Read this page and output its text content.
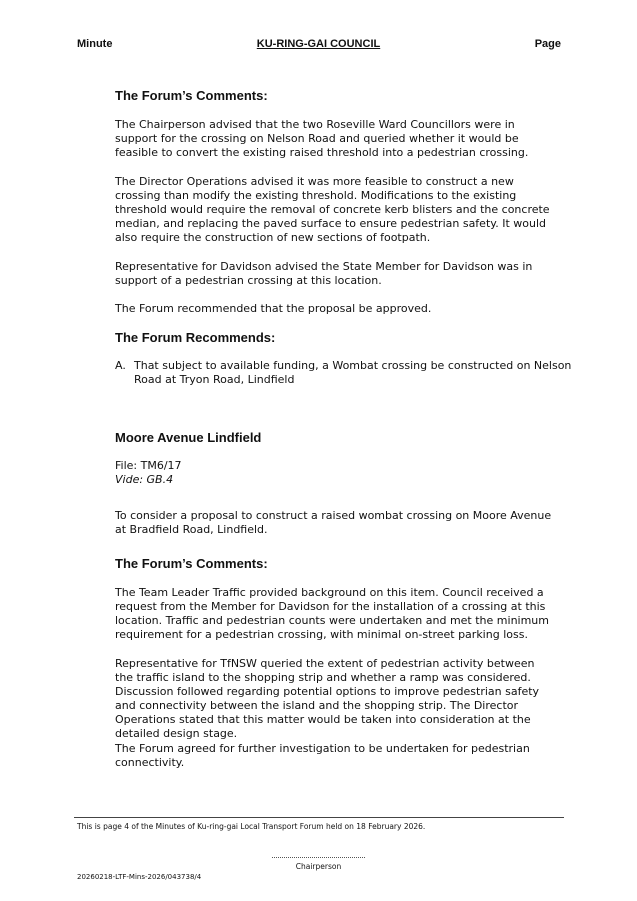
Minute	KU-RING-GAI COUNCIL	Page
The Forum’s Comments:

The Chairperson advised that the two Roseville Ward Councillors were in support for the crossing on Nelson Road and queried whether it would be feasible to convert the existing raised threshold into a pedestrian crossing.

The Director Operations advised it was more feasible to construct a new crossing than modify the existing threshold. Modifications to the existing threshold would require the removal of concrete kerb blisters and the concrete median, and replacing the paved surface to ensure pedestrian safety. It would also require the construction of new sections of footpath.

Representative for Davidson advised the State Member for Davidson was in support of a pedestrian crossing at this location.

The Forum recommended that the proposal be approved.

The Forum Recommends:

A. That subject to available funding, a Wombat crossing be constructed on Nelson Road at Tryon Road, Lindfield

Moore Avenue Lindfield

File: TM6/17

Vide: GB.4

To consider a proposal to construct a raised wombat crossing on Moore Avenue at Bradfield Road, Lindfield.

The Forum’s Comments:

The Team Leader Traffic provided background on this item. Council received a request from the Member for Davidson for the installation of a crossing at this location. Traffic and pedestrian counts were undertaken and met the minimum requirement for a pedestrian crossing, with minimal on-street parking loss.

Representative for TfNSW queried the extent of pedestrian activity between the traffic island to the shopping strip and whether a ramp was considered. Discussion followed regarding potential options to improve pedestrian safety and connectivity between the island and the shopping strip. The Director Operations stated that this matter would be taken into consideration at the detailed design stage.

The Forum agreed for further investigation to be undertaken for pedestrian connectivity.

This is page 4 of the Minutes of Ku-ring-gai Local Transport Forum held on 18 February 2026.
Chairperson
20260218-LTF-Mins-2026/043738/4
